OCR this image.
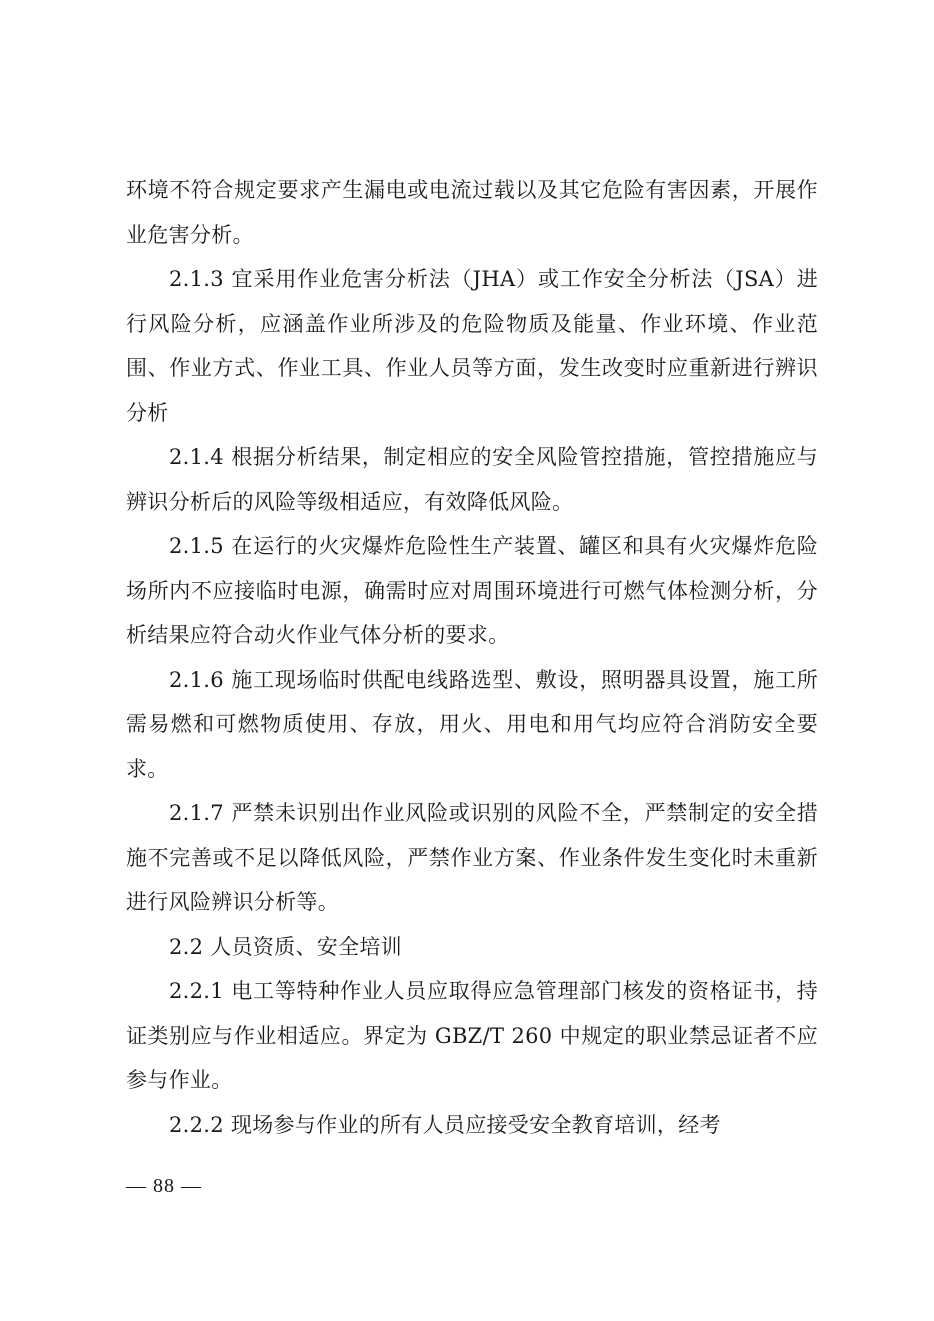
环境不符合规定要求产生漏电或电流过载以及其它危险有害因素，开展作业危害分析。

2.1.3 宜采用作业危害分析法（JHA）或工作安全分析法（JSA）进行风险分析，应涵盖作业所涉及的危险物质及能量、作业环境、作业范围、作业方式、作业工具、作业人员等方面，发生改变时应重新进行辨识分析

2.1.4 根据分析结果，制定相应的安全风险管控措施，管控措施应与辨识分析后的风险等级相适应，有效降低风险。

2.1.5 在运行的火灾爆炸危险性生产装置、罐区和具有火灾爆炸危险场所内不应接临时电源，确需时应对周围环境进行可燃气体检测分析，分析结果应符合动火作业气体分析的要求。

2.1.6 施工现场临时供配电线路选型、敷设，照明器具设置，施工所需易燃和可燃物质使用、存放，用火、用电和用气均应符合消防安全要求。

2.1.7 严禁未识别出作业风险或识别的风险不全，严禁制定的安全措施不完善或不足以降低风险，严禁作业方案、作业条件发生变化时未重新进行风险辨识分析等。

2.2 人员资质、安全培训

2.2.1 电工等特种作业人员应取得应急管理部门核发的资格证书，持证类别应与作业相适应。界定为 GBZ/T 260 中规定的职业禁忌证者不应参与作业。

2.2.2 现场参与作业的所有人员应接受安全教育培训，经考

— 88 —
